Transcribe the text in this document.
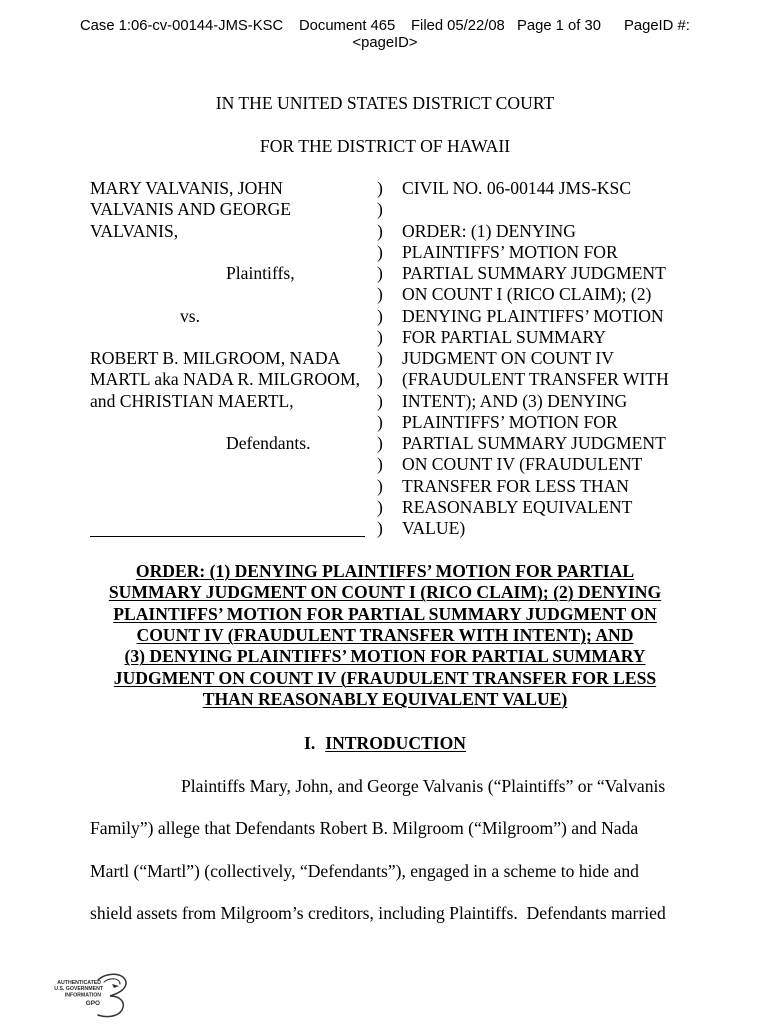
Case 1:06-cv-00144-JMS-KSC Document 465 Filed 05/22/08 Page 1 of 30 PageID #:
<pageID>
IN THE UNITED STATES DISTRICT COURT
FOR THE DISTRICT OF HAWAII
MARY VALVANIS, JOHN	) CIVIL NO. 06-00144 JMS-KSC
VALVANIS AND GEORGE	)
VALVANIS,	) ORDER: (1) DENYING
) PLAINTIFFS’ MOTION FOR
Plaintiffs,	) PARTIAL SUMMARY JUDGMENT
) ON COUNT I (RICO CLAIM); (2)
vs.	) DENYING PLAINTIFFS’ MOTION
) FOR PARTIAL SUMMARY
ROBERT B. MILGROOM, NADA ) JUDGMENT ON COUNT IV
MARTL aka NADA R. MILGROOM, ) (FRAUDULENT TRANSFER WITH
and CHRISTIAN MAERTL,	) INTENT); AND (3) DENYING
) PLAINTIFFS’ MOTION FOR
Defendants.	) PARTIAL SUMMARY JUDGMENT
) ON COUNT IV (FRAUDULENT
) TRANSFER FOR LESS THAN
) REASONABLY EQUIVALENT
) VALUE)
ORDER: (1) DENYING PLAINTIFFS’ MOTION FOR PARTIAL
SUMMARY JUDGMENT ON COUNT I (RICO CLAIM); (2) DENYING
PLAINTIFFS’ MOTION FOR PARTIAL SUMMARY JUDGMENT ON
COUNT IV (FRAUDULENT TRANSFER WITH INTENT); AND
(3) DENYING PLAINTIFFS’ MOTION FOR PARTIAL SUMMARY
JUDGMENT ON COUNT IV (FRAUDULENT TRANSFER FOR LESS
THAN REASONABLY EQUIVALENT VALUE)
I. INTRODUCTION
Plaintiffs Mary, John, and George Valvanis (“Plaintiffs” or “Valvanis
Family”) allege that Defendants Robert B. Milgroom (“Milgroom”) and Nada
Martl (“Martl”) (collectively, “Defendants”), engaged in a scheme to hide and
shield assets from Milgroom’s creditors, including Plaintiffs.  Defendants married
AUTHENTICATED
U.S. GOVERNMENT
INFORMATION
GPO
